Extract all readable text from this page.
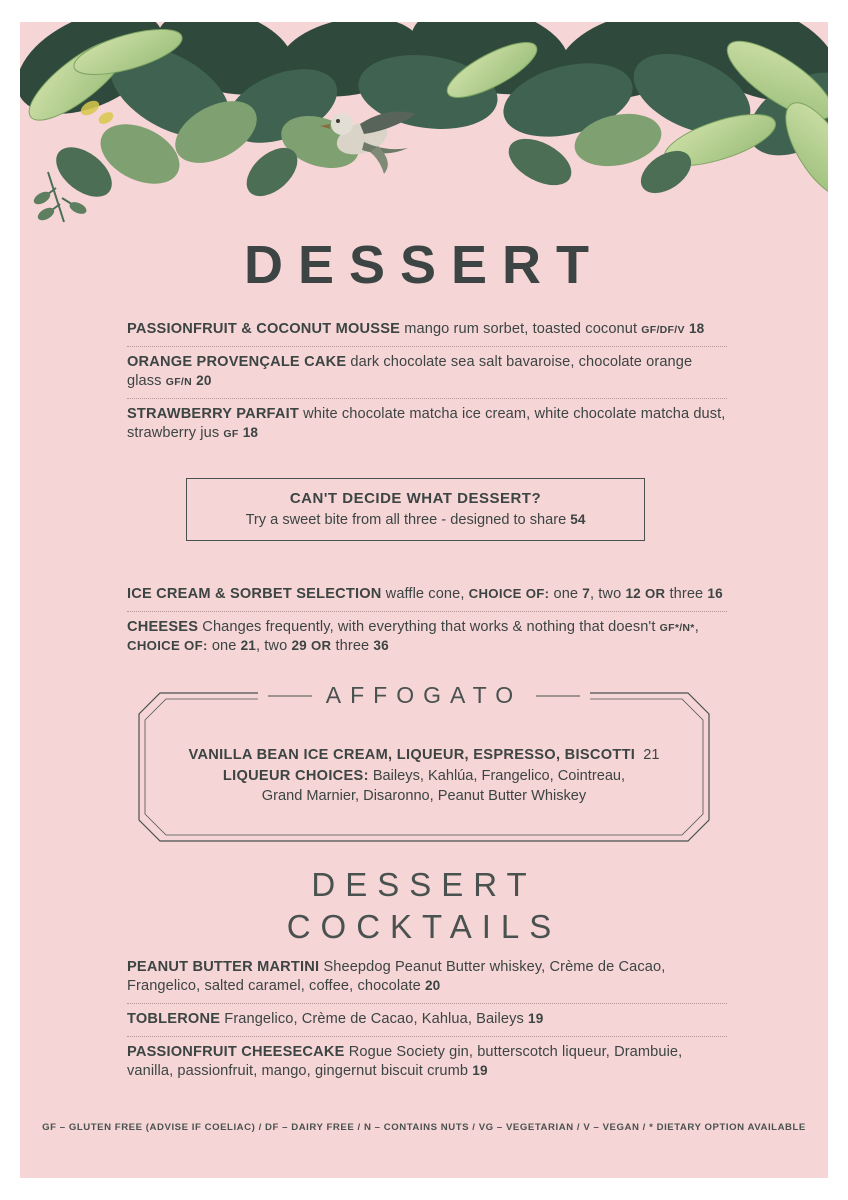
DESSERT
PASSIONFRUIT & COCONUT MOUSSE mango rum sorbet, toasted coconut GF/DF/V 18
ORANGE PROVENÇALE CAKE dark chocolate sea salt bavaroise, chocolate orange glass GF/N 20
STRAWBERRY PARFAIT white chocolate matcha ice cream, white chocolate matcha dust, strawberry jus GF 18
CAN'T DECIDE WHAT DESSERT?
Try a sweet bite from all three - designed to share 54
ICE CREAM & SORBET SELECTION waffle cone, CHOICE OF: one 7, two 12 OR three 16
CHEESES Changes frequently, with everything that works & nothing that doesn't GF*/N*, CHOICE OF: one 21, two 29 OR three 36
AFFOGATO
VANILLA BEAN ICE CREAM, LIQUEUR, ESPRESSO, BISCOTTI 21
LIQUEUR CHOICES: Baileys, Kahlúa, Frangelico, Cointreau,
Grand Marnier, Disaronno, Peanut Butter Whiskey
DESSERT
COCKTAILS
PEANUT BUTTER MARTINI Sheepdog Peanut Butter whiskey, Crème de Cacao, Frangelico, salted caramel, coffee, chocolate 20
TOBLERONE Frangelico, Crème de Cacao, Kahlua, Baileys 19
PASSIONFRUIT CHEESECAKE Rogue Society gin, butterscotch liqueur, Drambuie, vanilla, passionfruit, mango, gingernut biscuit crumb 19
GF – GLUTEN FREE (ADVISE IF COELIAC) / DF – DAIRY FREE / N – CONTAINS NUTS / VG – VEGETARIAN / V – VEGAN / * DIETARY OPTION AVAILABLE
